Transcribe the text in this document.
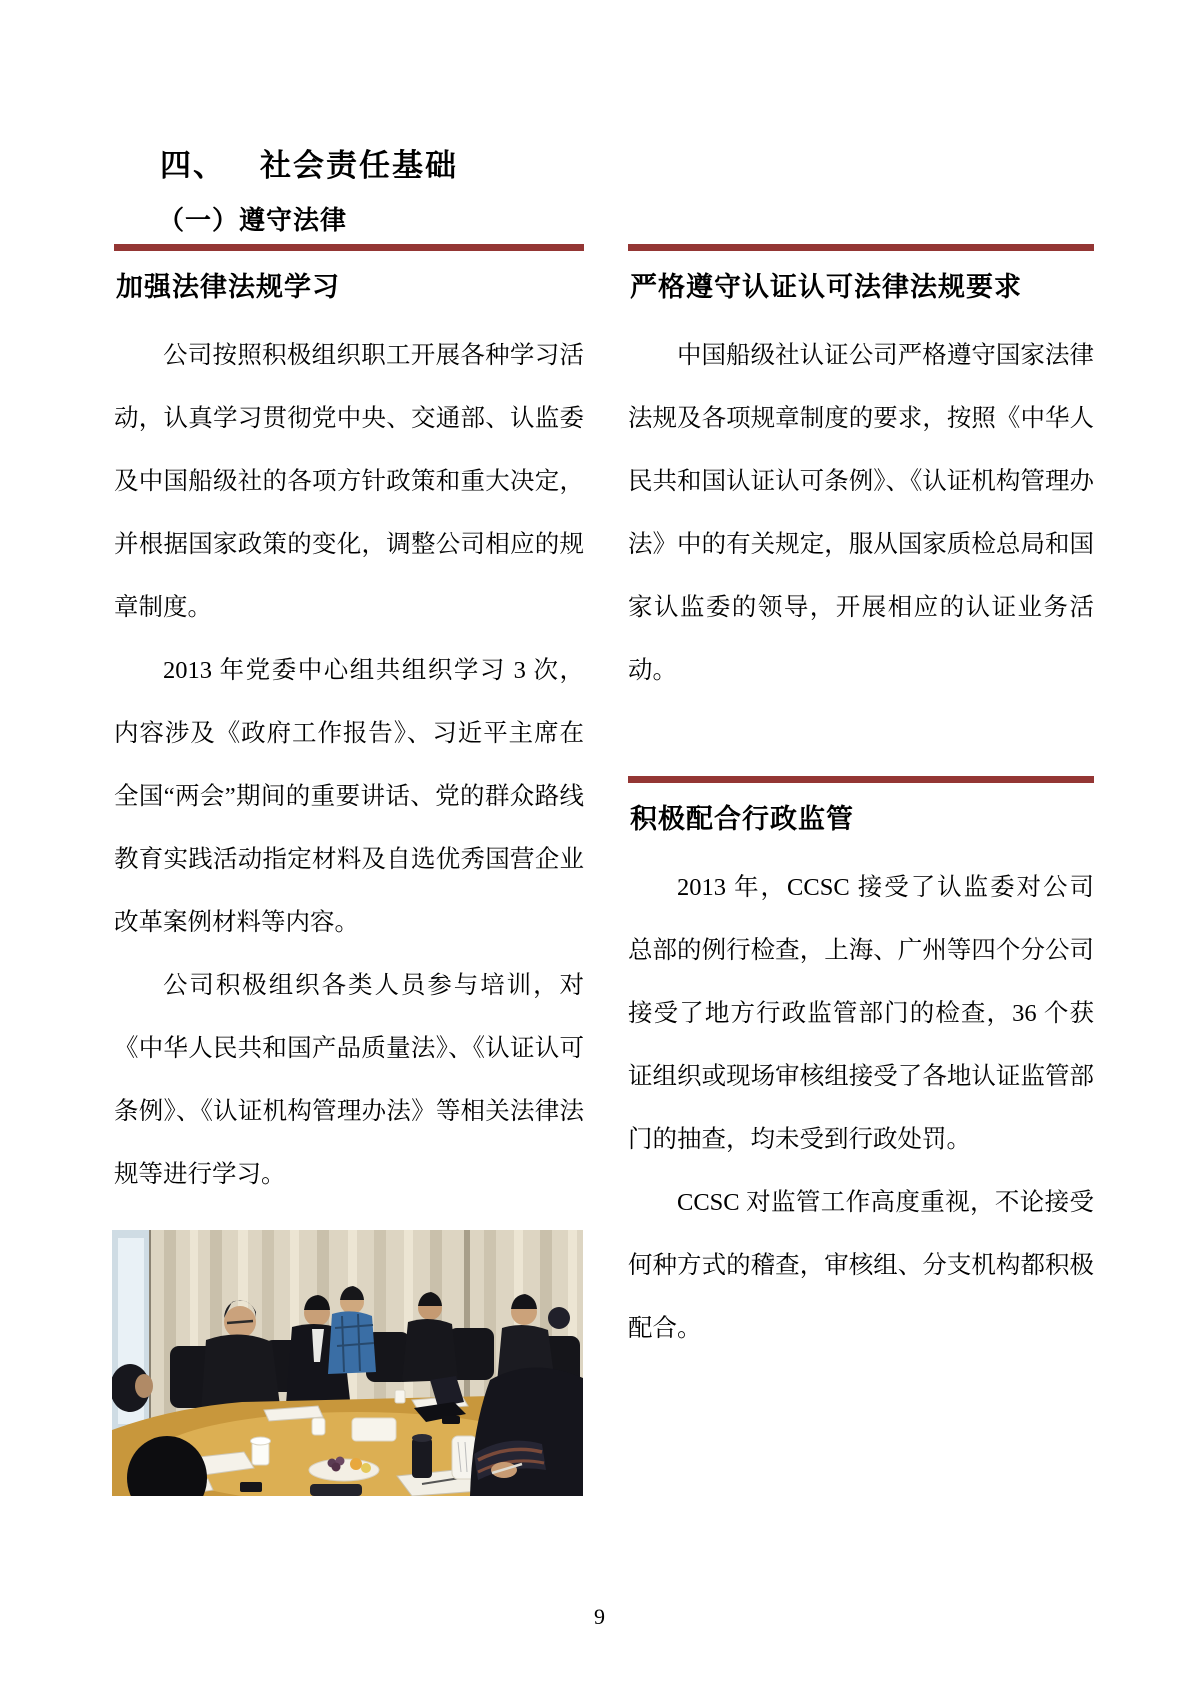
四、 社会责任基础
（一）遵守法律
加强法律法规学习

公司按照积极组织职工开展各种学习活动，认真学习贯彻党中央、交通部、认监委及中国船级社的各项方针政策和重大决定，并根据国家政策的变化，调整公司相应的规章制度。

2013 年党委中心组共组织学习 3 次，内容涉及《政府工作报告》、习近平主席在全国“两会”期间的重要讲话、党的群众路线教育实践活动指定材料及自选优秀国营企业改革案例材料等内容。

公司积极组织各类人员参与培训，对《中华人民共和国产品质量法》、《认证认可条例》、《认证机构管理办法》等相关法律法规等进行学习。

严格遵守认证认可法律法规要求

中国船级社认证公司严格遵守国家法律法规及各项规章制度的要求，按照《中华人民共和国认证认可条例》、《认证机构管理办法》中的有关规定，服从国家质检总局和国家认监委的领导，开展相应的认证业务活动。

积极配合行政监管

2013 年，CCSC 接受了认监委对公司总部的例行检查，上海、广州等四个分公司接受了地方行政监管部门的检查，36 个获证组织或现场审核组接受了各地认证监管部门的抽查，均未受到行政处罚。

CCSC 对监管工作高度重视，不论接受何种方式的稽查，审核组、分支机构都积极配合。

9
